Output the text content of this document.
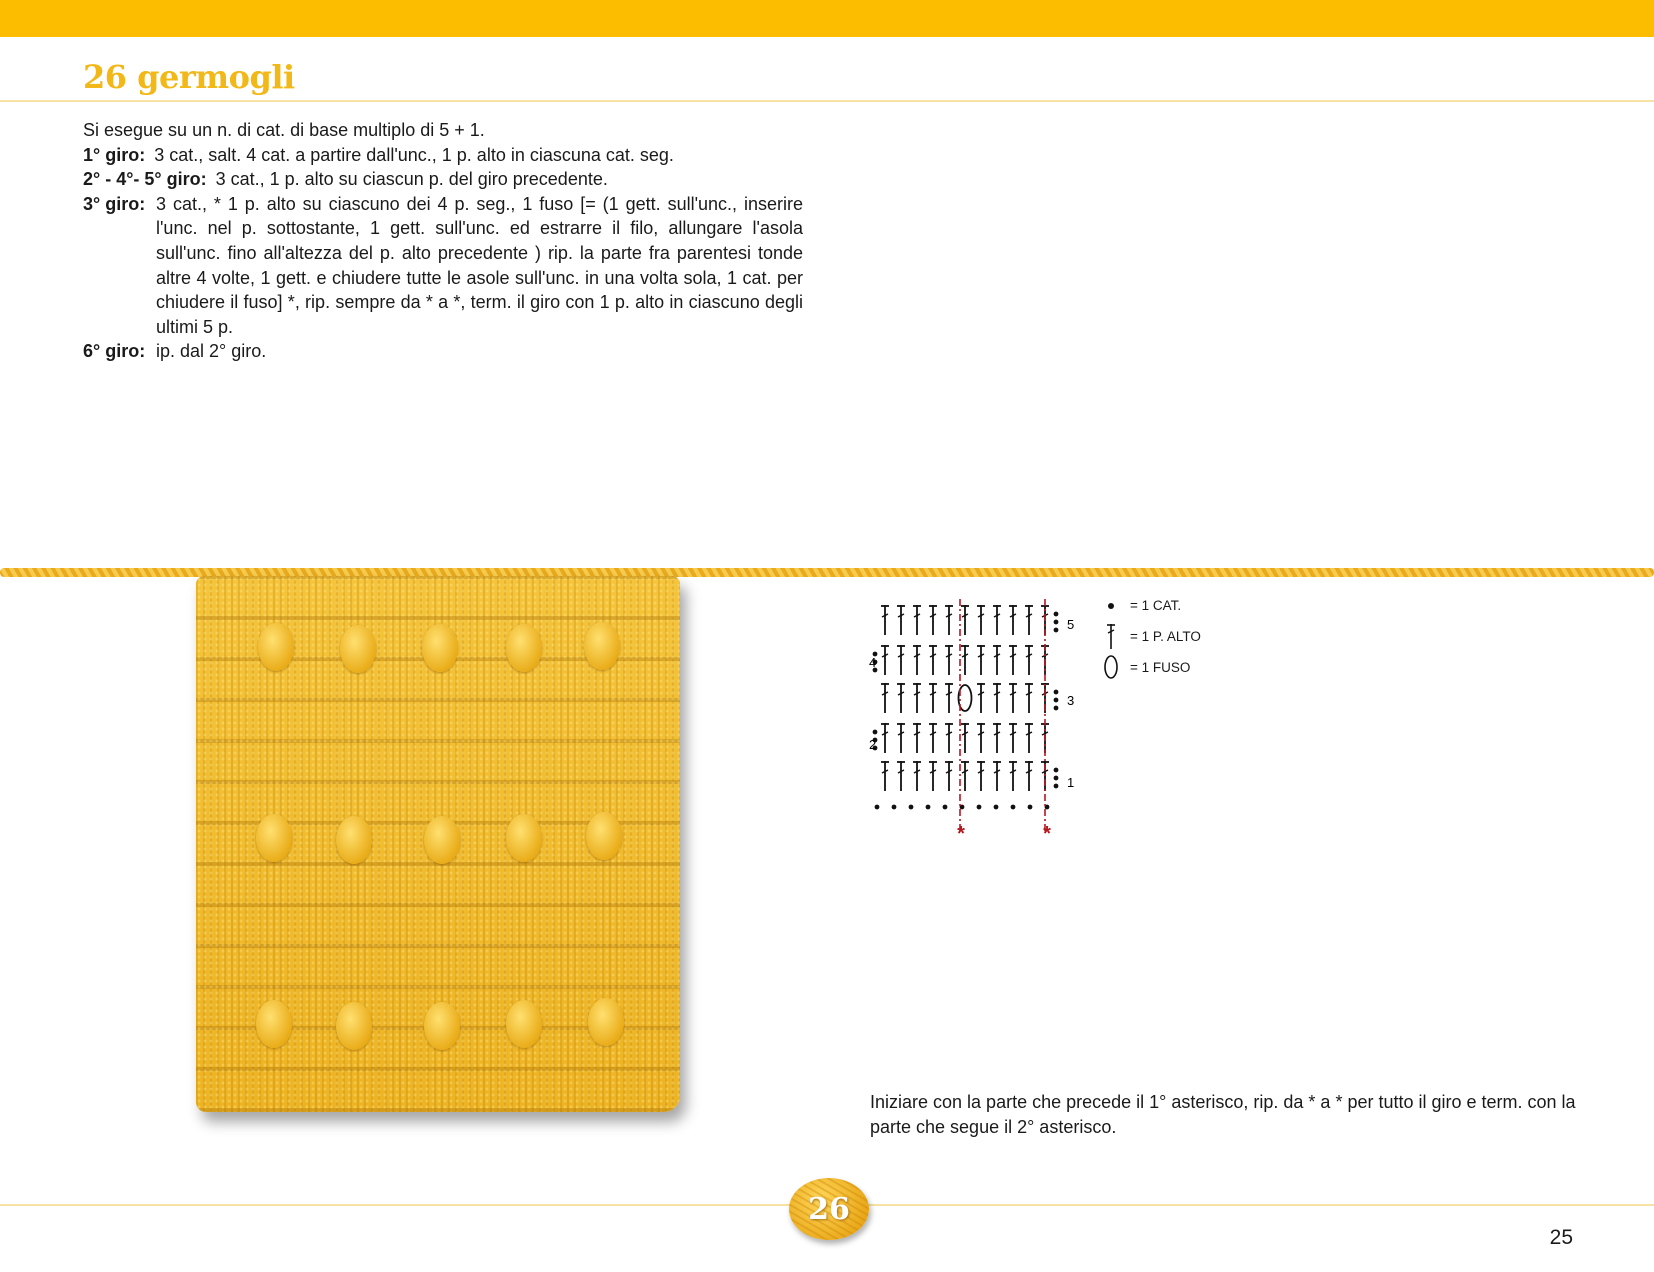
26 germogli

Si esegue su un n. di cat. di base multiplo di 5 + 1.

1° giro: 3 cat., salt. 4 cat. a partire dall'unc., 1 p. alto in ciascuna cat. seg.
2° - 4°- 5° giro: 3 cat., 1 p. alto su ciascun p. del giro precedente.
3° giro: 3 cat., * 1 p. alto su ciascuno dei 4 p. seg., 1 fuso [= (1 gett. sull'unc., inserire l'unc. nel p. sottostante, 1 gett. sull'unc. ed estrarre il filo, allungare l'asola sull'unc. fino all'altezza del p. alto precedente ) rip. la parte fra parentesi tonde altre 4 volte, 1 gett. e chiudere tutte le asole sull'unc. in una volta sola, 1 cat. per chiudere il fuso] *, rip. sempre da * a *, term. il giro con 1 p. alto in ciascuno degli ultimi 5 p.
6° giro: ip. dal 2° giro.
5
4
3
2
1
*	*
= 1 CAT.
= 1 P. ALTO
= 1 FUSO

Iniziare con la parte che precede il 1° asterisco, rip. da * a * per tutto il giro e term. con la parte che segue il 2° asterisco.

26

25
